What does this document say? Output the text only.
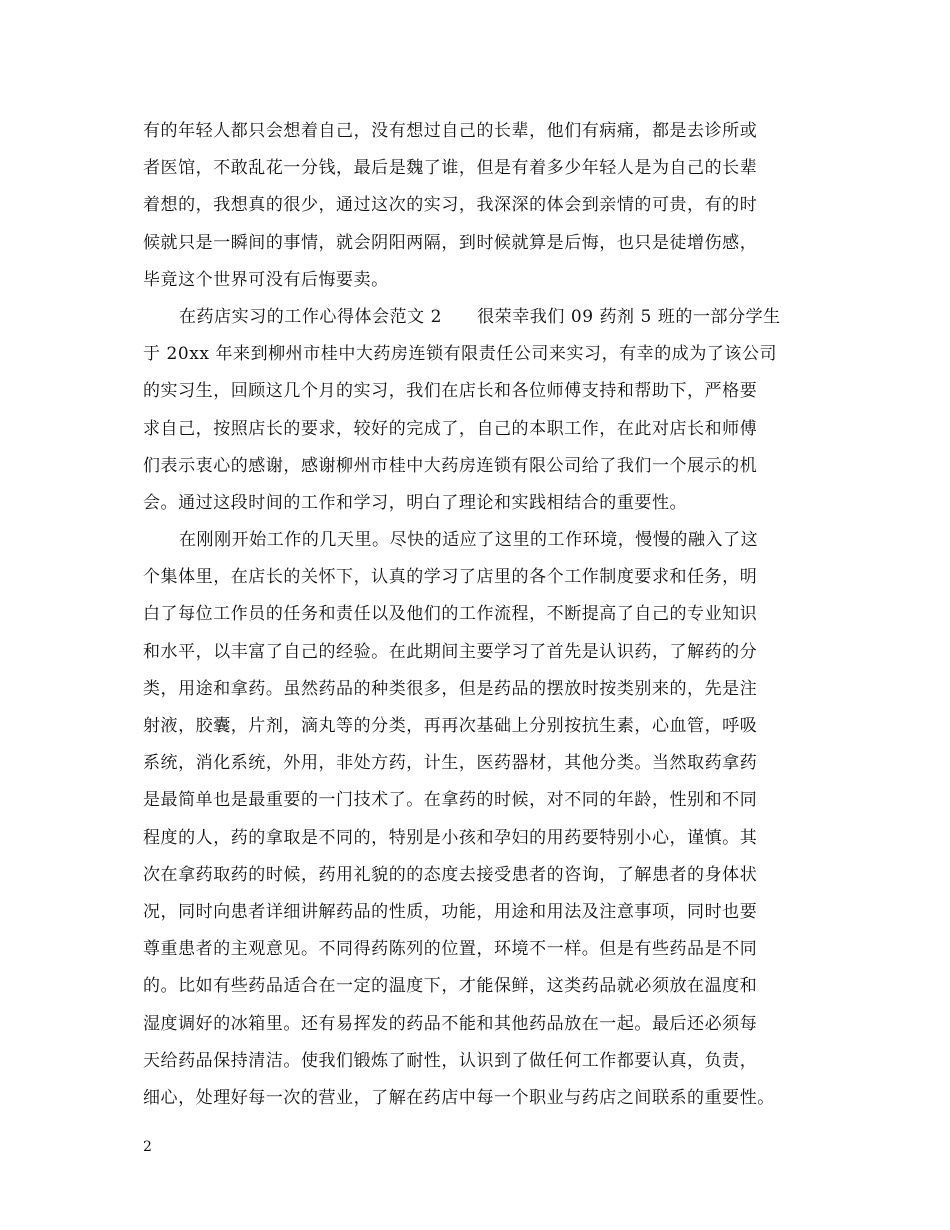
有的年轻人都只会想着自己，没有想过自己的长辈，他们有病痛，都是去诊所或
者医馆，不敢乱花一分钱，最后是魏了谁，但是有着多少年轻人是为自己的长辈
着想的，我想真的很少，通过这次的实习，我深深的体会到亲情的可贵，有的时
候就只是一瞬间的事情，就会阴阳两隔，到时候就算是后悔，也只是徒增伤感，
毕竟这个世界可没有后悔要卖。
在药店实习的工作心得体会范文 2　　很荣幸我们 09 药剂 5 班的一部分学生
于 20xx 年来到柳州市桂中大药房连锁有限责任公司来实习，有幸的成为了该公司
的实习生，回顾这几个月的实习，我们在店长和各位师傅支持和帮助下，严格要
求自己，按照店长的要求，较好的完成了，自己的本职工作，在此对店长和师傅
们表示衷心的感谢，感谢柳州市桂中大药房连锁有限公司给了我们一个展示的机
会。通过这段时间的工作和学习，明白了理论和实践相结合的重要性。
在刚刚开始工作的几天里。尽快的适应了这里的工作环境，慢慢的融入了这
个集体里，在店长的关怀下，认真的学习了店里的各个工作制度要求和任务，明
白了每位工作员的任务和责任以及他们的工作流程，不断提高了自己的专业知识
和水平，以丰富了自己的经验。在此期间主要学习了首先是认识药，了解药的分
类，用途和拿药。虽然药品的种类很多，但是药品的摆放时按类别来的，先是注
射液，胶囊，片剂，滴丸等的分类，再再次基础上分别按抗生素，心血管，呼吸
系统，消化系统，外用，非处方药，计生，医药器材，其他分类。当然取药拿药
是最简单也是最重要的一门技术了。在拿药的时候，对不同的年龄，性别和不同
程度的人，药的拿取是不同的，特别是小孩和孕妇的用药要特别小心，谨慎。其
次在拿药取药的时候，药用礼貌的的态度去接受患者的咨询，了解患者的身体状
况，同时向患者详细讲解药品的性质，功能，用途和用法及注意事项，同时也要
尊重患者的主观意见。不同得药陈列的位置，环境不一样。但是有些药品是不同
的。比如有些药品适合在一定的温度下，才能保鲜，这类药品就必须放在温度和
湿度调好的冰箱里。还有易挥发的药品不能和其他药品放在一起。最后还必须每
天给药品保持清洁。使我们锻炼了耐性，认识到了做任何工作都要认真，负责，
细心，处理好每一次的营业，了解在药店中每一个职业与药店之间联系的重要性。
2
